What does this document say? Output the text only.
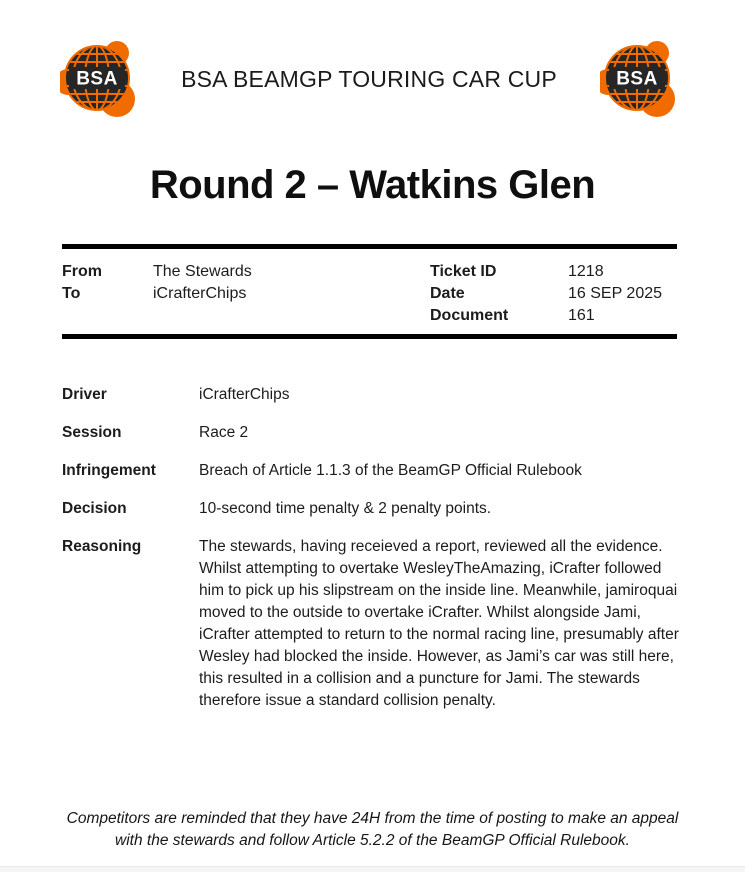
BSA	BSA BEAMGP TOURING CAR CUP	BSA
Round 2 – Watkins Glen
From	The Stewards
To	iCrafterChips
Ticket ID	1218
Date	16 SEP 2025
Document	161
Driver	iCrafterChips
Session	Race 2
Infringement	Breach of Article 1.1.3 of the BeamGP Official Rulebook
Decision	10-second time penalty & 2 penalty points.
Reasoning	The stewards, having receieved a report, reviewed all the evidence. Whilst attempting to overtake WesleyTheAmazing, iCrafter followed him to pick up his slipstream on the inside line. Meanwhile, jamiroquai moved to the outside to overtake iCrafter. Whilst alongside Jami, iCrafter attempted to return to the normal racing line, presumably after Wesley had blocked the inside. However, as Jami’s car was still here, this resulted in a collision and a puncture for Jami. The stewards therefore issue a standard collision penalty.
Competitors are reminded that they have 24H from the time of posting to make an appeal with the stewards and follow Article 5.2.2 of the BeamGP Official Rulebook.
